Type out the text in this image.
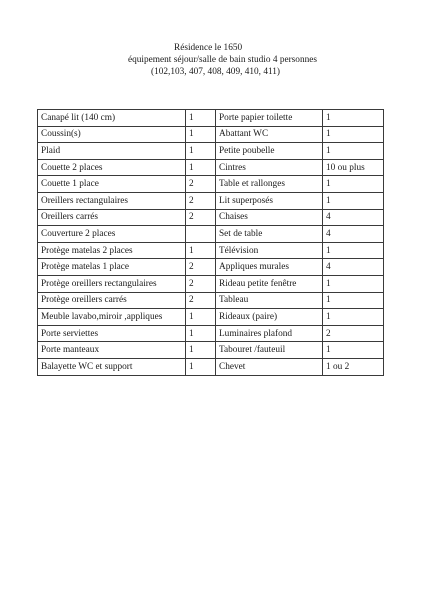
Résidence le 1650
équipement séjour/salle de bain studio 4 personnes
(102,103, 407, 408, 409, 410, 411)
Canapé lit (140 cm)	1	Porte papier toilette	1
Coussin(s)	1	Abattant WC	1
Plaid	1	Petite poubelle	1
Couette 2 places	1	Cintres	10 ou plus
Couette 1 place	2	Table et rallonges	1
Oreillers rectangulaires	2	Lit superposés	1
Oreillers carrés	2	Chaises	4
Couverture 2 places		Set de table	4
Protège matelas 2 places	1	Télévision	1
Protège matelas 1 place	2	Appliques murales	4
Protège oreillers rectangulaires	2	Rideau petite fenêtre	1
Protège oreillers carrés	2	Tableau	1
Meuble lavabo,miroir ,appliques	1	Rideaux (paire)	1
Porte serviettes	1	Luminaires plafond	2
Porte manteaux	1	Tabouret /fauteuil	1
Balayette WC et support	1	Chevet	1 ou 2
